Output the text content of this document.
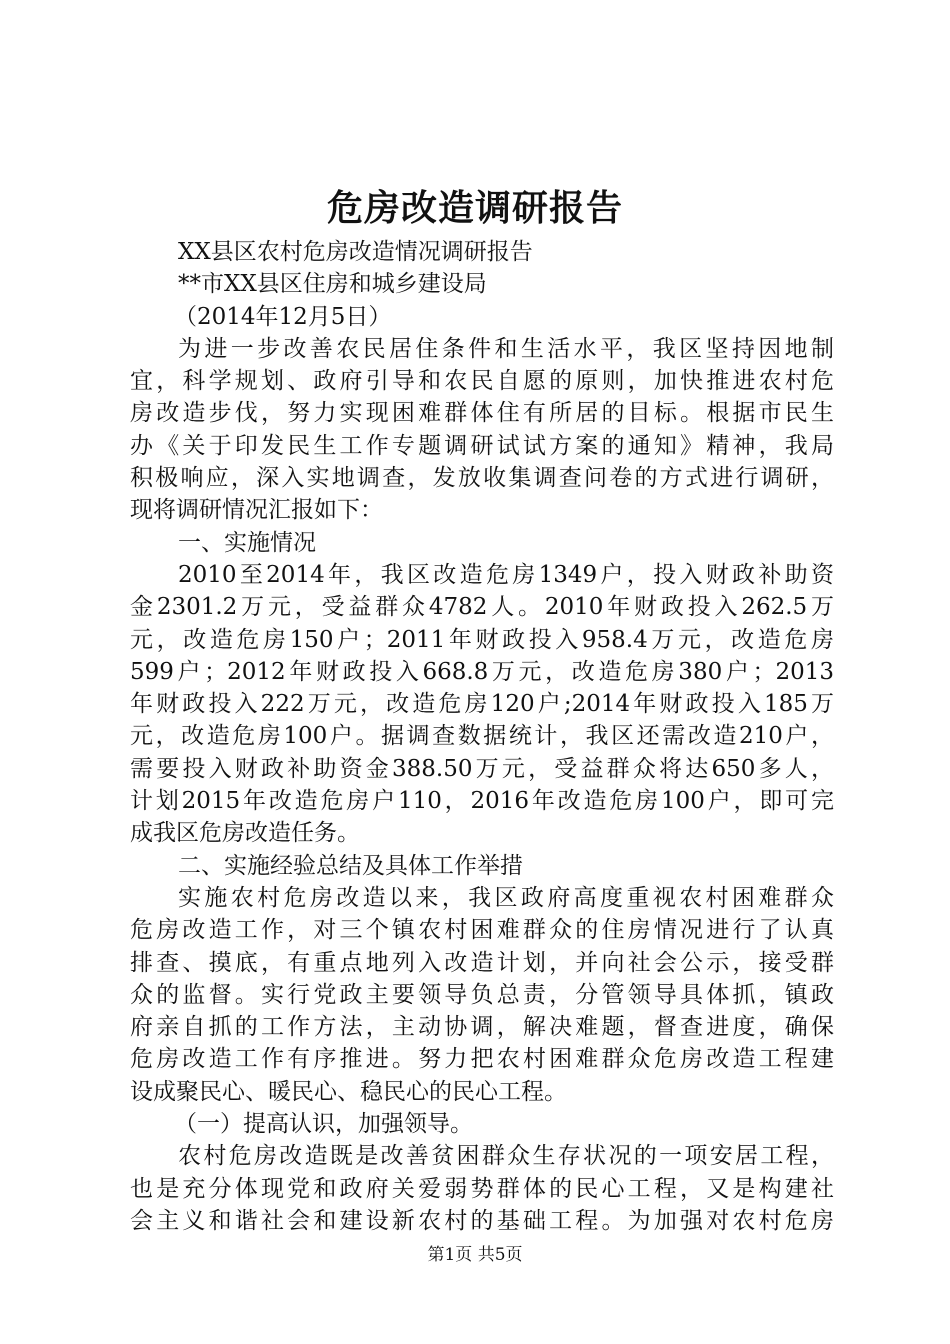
危房改造调研报告
XX县区农村危房改造情况调研报告
**市XX县区住房和城乡建设局
（2014年12月5日）
为进一步改善农民居住条件和生活水平，我区坚持因地制
宜，科学规划、政府引导和农民自愿的原则，加快推进农村危
房改造步伐，努力实现困难群体住有所居的目标。根据市民生
办《关于印发民生工作专题调研试试方案的通知》精神，我局
积极响应，深入实地调查，发放收集调查问卷的方式进行调研，
现将调研情况汇报如下：
一、实施情况
2010至2014年，我区改造危房1349户，投入财政补助资
金2301.2万元，受益群众4782人。2010年财政投入262.5万
元，改造危房150户；2011年财政投入958.4万元，改造危房
599户；2012年财政投入668.8万元，改造危房380户；2013
年财政投入222万元，改造危房120户;2014年财政投入185万
元，改造危房100户。据调查数据统计，我区还需改造210户，
需要投入财政补助资金388.50万元，受益群众将达650多人，
计划2015年改造危房户110，2016年改造危房100户，即可完
成我区危房改造任务。
二、实施经验总结及具体工作举措
实施农村危房改造以来，我区政府高度重视农村困难群众
危房改造工作，对三个镇农村困难群众的住房情况进行了认真
排查、摸底，有重点地列入改造计划，并向社会公示，接受群
众的监督。实行党政主要领导负总责，分管领导具体抓，镇政
府亲自抓的工作方法，主动协调，解决难题，督查进度，确保
危房改造工作有序推进。努力把农村困难群众危房改造工程建
设成聚民心、暖民心、稳民心的民心工程。
（一）提高认识，加强领导。
农村危房改造既是改善贫困群众生存状况的一项安居工程，
也是充分体现党和政府关爱弱势群体的民心工程，又是构建社
会主义和谐社会和建设新农村的基础工程。为加强对农村危房
第1页 共5页
